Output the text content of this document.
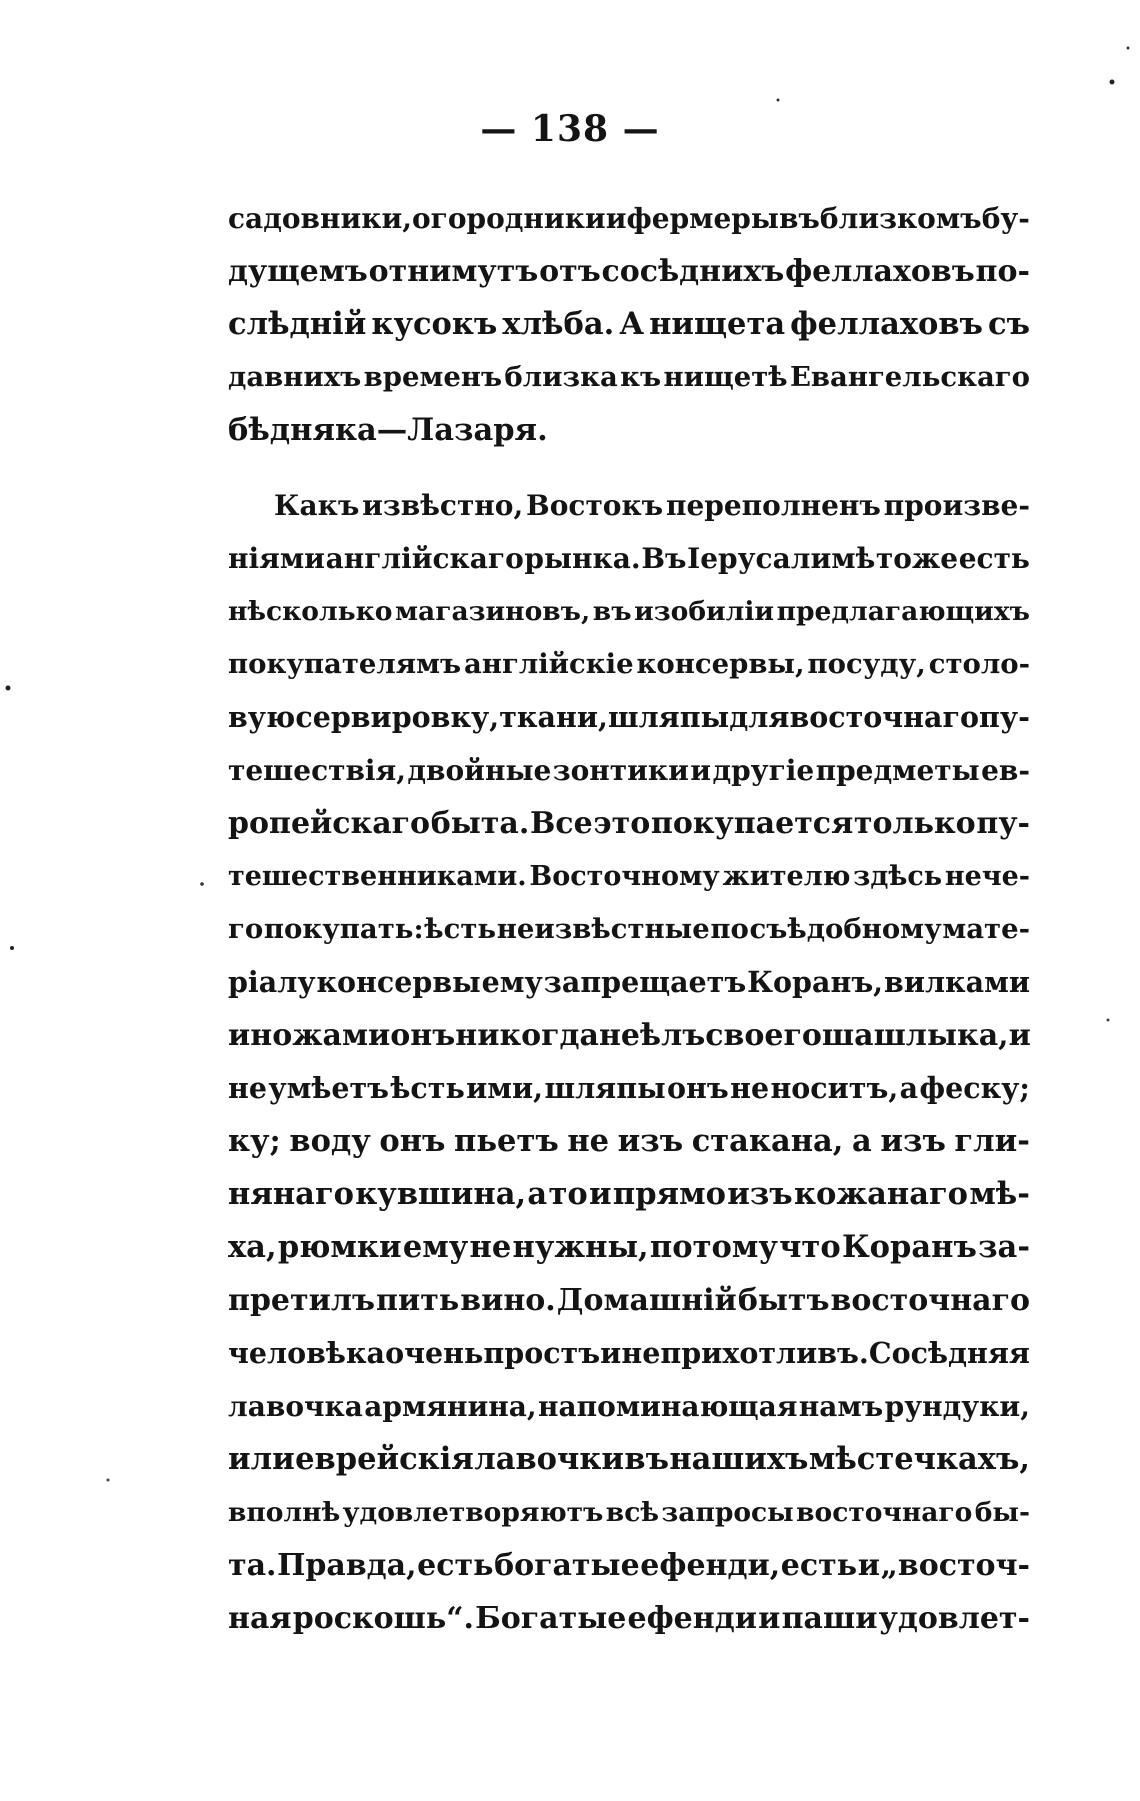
— 138 —
садовники, огородники и фермеры въ близкомъ бу-
дущемъ отнимутъ отъ сосѣднихъ феллаховъ по-
слѣдній кусокъ хлѣба. А нищета феллаховъ съ
давнихъ временъ близка къ нищетѣ Евангельскаго
бѣдняка—Лазаря.
Какъ извѣстно, Востокъ переполненъ произве-
ніями англійскаго рынка. Въ Іерусалимѣ тоже есть
нѣсколько магазиновъ, въ изобиліи предлагающихъ
покупателямъ англійскіе консервы, посуду, столо-
вую сервировку, ткани, шляпы для восточнаго пу-
тешествія, двойные зонтики и другіе предметы ев-
ропейскаго быта. Все это покупается только пу-
тешественниками. Восточному жителю здѣсь нече-
го покупать: ѣсть неизвѣстные по съѣдобному мате-
ріалу консервы ему запрещаетъ Коранъ, вилками
и ножами онъ никогда не ѣлъ своего шашлыка, и
не умѣетъ ѣсть ими, шляпы онъ не носитъ, а феску;
ку; воду онъ пьетъ не изъ стакана, а изъ гли-
нянаго кувшина, а то и прямо изъ кожанаго мѣ-
ха, рюмки ему не нужны, потому что Коранъ за-
претилъ пить вино. Домашній бытъ восточнаго
человѣка очень простъ и неприхотливъ. Сосѣдняя
лавочка армянина, напоминающая намъ рундуки,
или еврейскія лавочки въ нашихъ мѣстечкахъ,
вполнѣ удовлетворяютъ всѣ запросы восточнаго бы-
та. Правда, есть богатые ефенди, есть и „восточ-
ная роскошь“. Богатые ефенди и паши удовлет-
